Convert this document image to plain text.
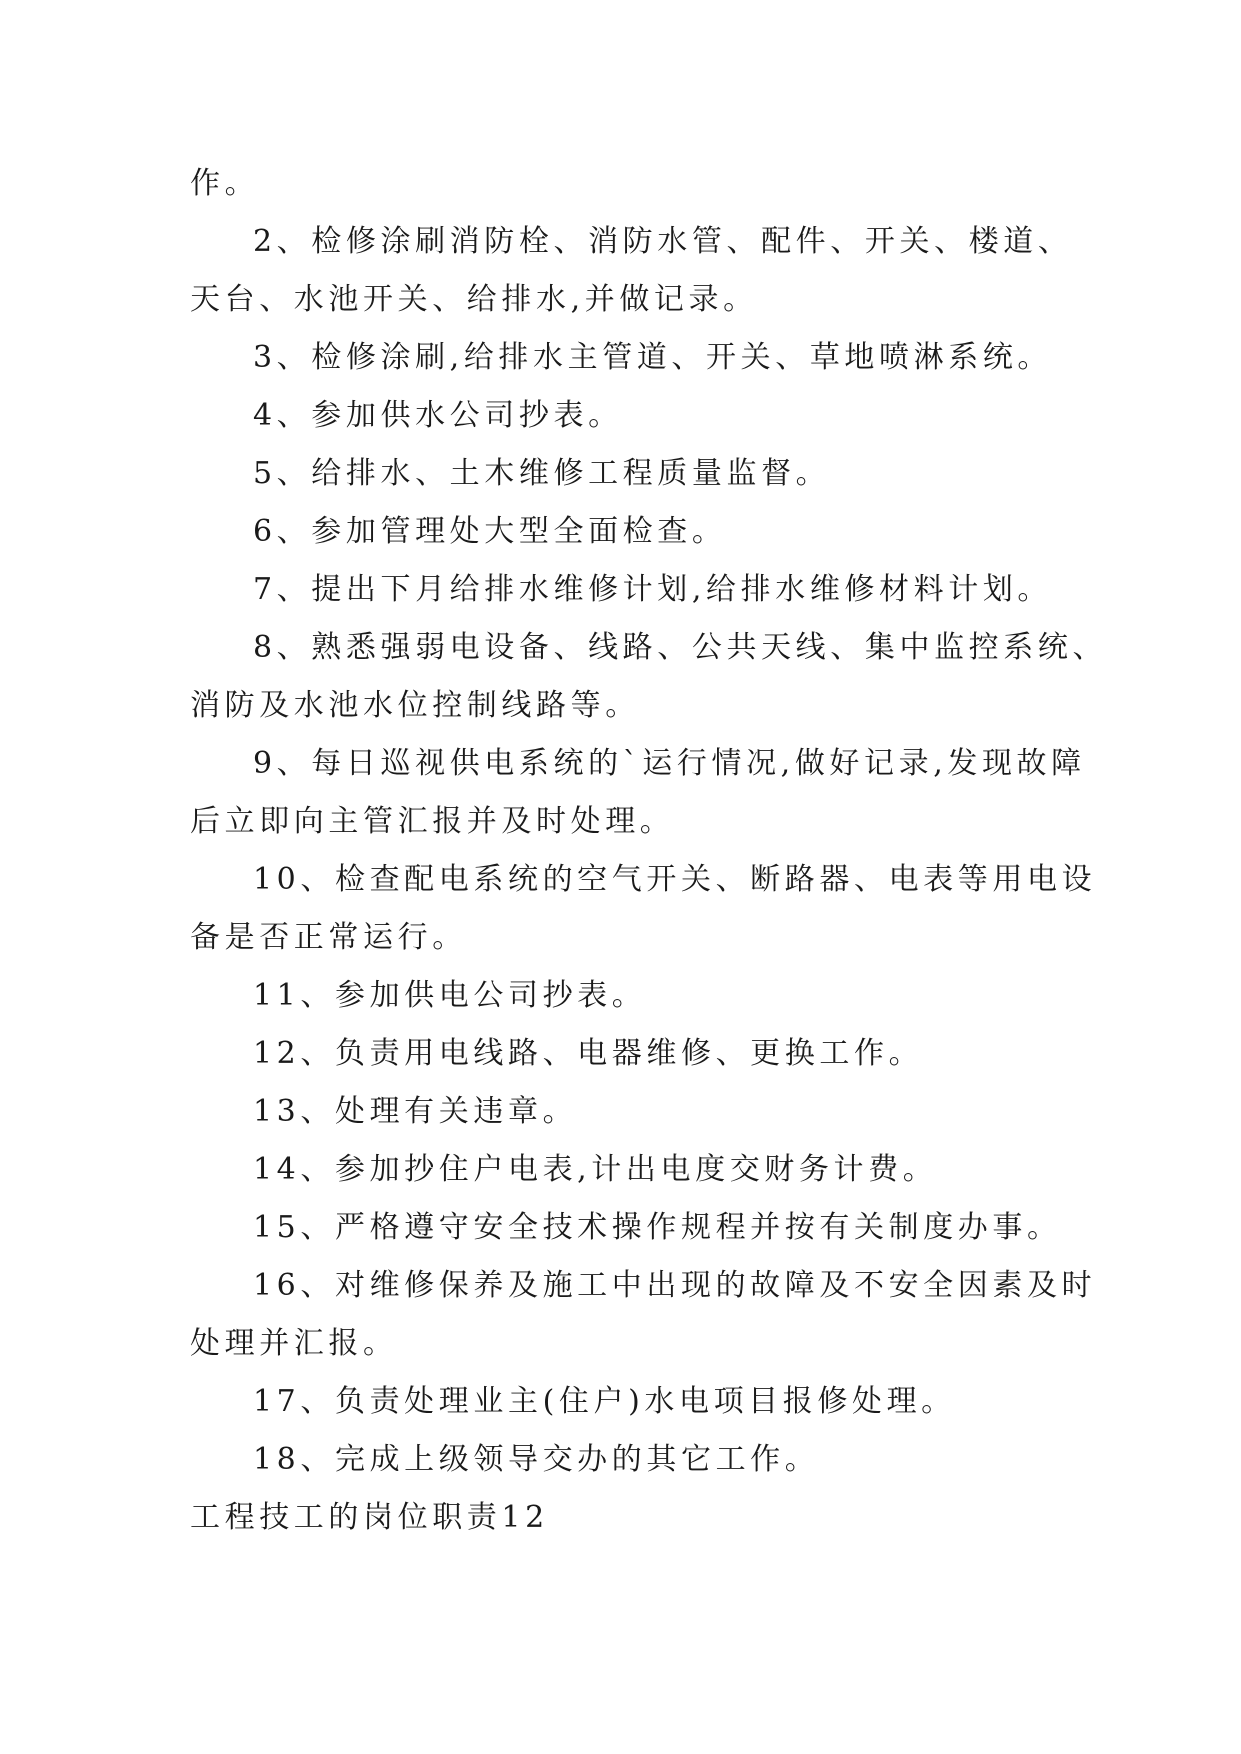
作。
2、检修涂刷消防栓、消防水管、配件、开关、楼道、
天台、水池开关、给排水,并做记录。
3、检修涂刷,给排水主管道、开关、草地喷淋系统。
4、参加供水公司抄表。
5、给排水、土木维修工程质量监督。
6、参加管理处大型全面检查。
7、提出下月给排水维修计划,给排水维修材料计划。
8、熟悉强弱电设备、线路、公共天线、集中监控系统、
消防及水池水位控制线路等。
9、每日巡视供电系统的`运行情况,做好记录,发现故障
后立即向主管汇报并及时处理。
10、检查配电系统的空气开关、断路器、电表等用电设
备是否正常运行。
11、参加供电公司抄表。
12、负责用电线路、电器维修、更换工作。
13、处理有关违章。
14、参加抄住户电表,计出电度交财务计费。
15、严格遵守安全技术操作规程并按有关制度办事。
16、对维修保养及施工中出现的故障及不安全因素及时
处理并汇报。
17、负责处理业主(住户)水电项目报修处理。
18、完成上级领导交办的其它工作。
工程技工的岗位职责12
